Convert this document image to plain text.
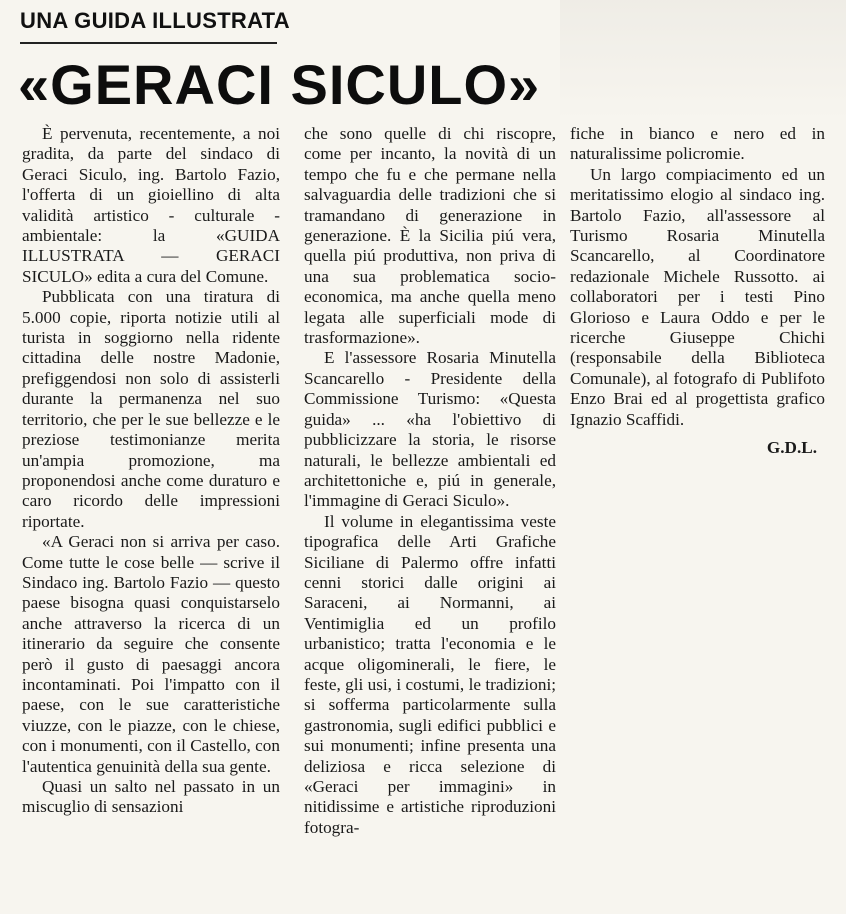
UNA GUIDA ILLUSTRATA
«GERACI SICULO»

È pervenuta, recentemente, a noi gradita, da parte del sindaco di Geraci Siculo, ing. Bartolo Fazio, l'offerta di un gioiellino di alta validità artistico - culturale - ambientale: la «GUIDA ILLUSTRATA — GERACI SICULO» edita a cura del Comune.

Pubblicata con una tiratura di 5.000 copie, riporta notizie utili al turista in soggiorno nella ridente cittadina delle nostre Madonie, prefiggendosi non solo di assisterli durante la permanenza nel suo territorio, che per le sue bellezze e le preziose testimonianze merita un'ampia promozione, ma proponendosi anche come duraturo e caro ricordo delle impressioni riportate.

«A Geraci non si arriva per caso. Come tutte le cose belle — scrive il Sindaco ing. Bartolo Fazio — questo paese bisogna quasi conquistarselo anche attraverso la ricerca di un itinerario da seguire che consente però il gusto di paesaggi ancora incontaminati. Poi l'impatto con il paese, con le sue caratteristiche viuzze, con le piazze, con le chiese, con i monumenti, con il Castello, con l'autentica genuinità della sua gente.

Quasi un salto nel passato in un miscuglio di sensazioni

che sono quelle di chi riscopre, come per incanto, la novità di un tempo che fu e che permane nella salvaguardia delle tradizioni che si tramandano di generazione in generazione. È la Sicilia piú vera, quella piú produttiva, non priva di una sua problematica socio-economica, ma anche quella meno legata alle superficiali mode di trasformazione».

E l'assessore Rosaria Minutella Scancarello - Presidente della Commissione Turismo: «Questa guida» ... «ha l'obiettivo di pubblicizzare la storia, le risorse naturali, le bellezze ambientali ed architettoniche e, piú in generale, l'immagine di Geraci Siculo».

Il volume in elegantissima veste tipografica delle Arti Grafiche Siciliane di Palermo offre infatti cenni storici dalle origini ai Saraceni, ai Normanni, ai Ventimiglia ed un profilo urbanistico; tratta l'economia e le acque oligominerali, le fiere, le feste, gli usi, i costumi, le tradizioni; si sofferma particolarmente sulla gastronomia, sugli edifici pubblici e sui monumenti; infine presenta una deliziosa e ricca selezione di «Geraci per immagini» in nitidissime e artistiche riproduzioni fotogra-

fiche in bianco e nero ed in naturalissime policromie.

Un largo compiacimento ed un meritatissimo elogio al sindaco ing. Bartolo Fazio, all'assessore al Turismo Rosaria Minutella Scancarello, al Coordinatore redazionale Michele Russotto. ai collaboratori per i testi Pino Glorioso e Laura Oddo e per le ricerche Giuseppe Chichi (responsabile della Biblioteca Comunale), al fotografo di Publifoto Enzo Brai ed al progettista grafico Ignazio Scaffidi.

G.D.L.
